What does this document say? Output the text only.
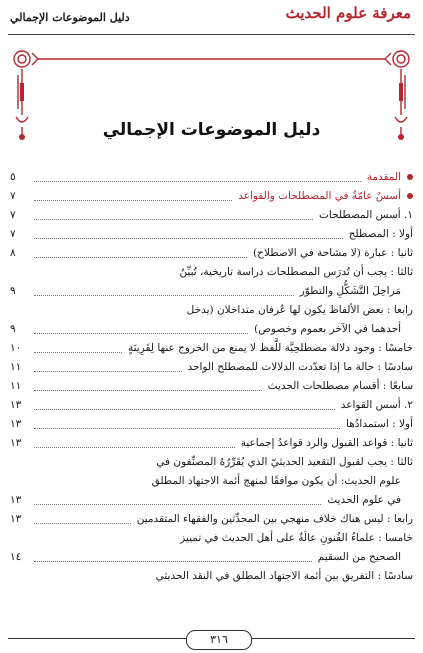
دليل الموضوعات الإجمالي	معرفة علوم الحديث
دليل الموضوعات الإجمالي
المقدمة
٥
أسسٌ عامّةٌ في المصطلحات والقواعد
٧
١. أسس المصطلحات
٧
أولا : المصطلح
٧
ثانيا : عبارة (لا مشاحة في الاصطلاح)
٨
ثالثا : يجب أن تُدرَس المصطلحات دراسة تاريخية، تُبيِّنُ
مَراحِلَ التَّشَكُّلِ والتطوّر
٩
رابعا : بعض الألفاظ يكون لها عُرفان متداخلان (يدخل
أحدهما في الآخر بعموم وخصوص)
٩
خامسًا : وجود دلالة مصطلحِيَّة للَّفظ لا يمنع من الخروج عنها لِقَرِينَةٍ
١٠
سادسًا : حالة ما إذا تعدّدت الدلالات للمصطلح الواحد
١١
سابعًا : أقسام مصطلحات الحديث
١١
٢. أسس القواعد
١٣
أولا : استمدادُها
١٣
ثانيا : قواعد القبول والرد قواعدُ إجماعية
١٣
ثالثا : يجب لقبول التقعيد الحديثيّ الذي يُقَرِّرُهُ المصنِّفون في
علوم الحديث: أن يكون موافقًا لمنهج أئمة الاجتهاد المطلق
في علوم الحديث
١٣
رابعا : ليس هناك خلاف منهجي بين المحدِّثين والفقهاء المتقدمين
١٣
خامسا : علماءُ الفُنونِ عالَةٌ على أهل الحديث في تمييز
الصحيح من السقيم
١٤
سادسًا : التفريق بين أئمة الاجتهاد المطلق في النقد الحديثي
٣١٦
